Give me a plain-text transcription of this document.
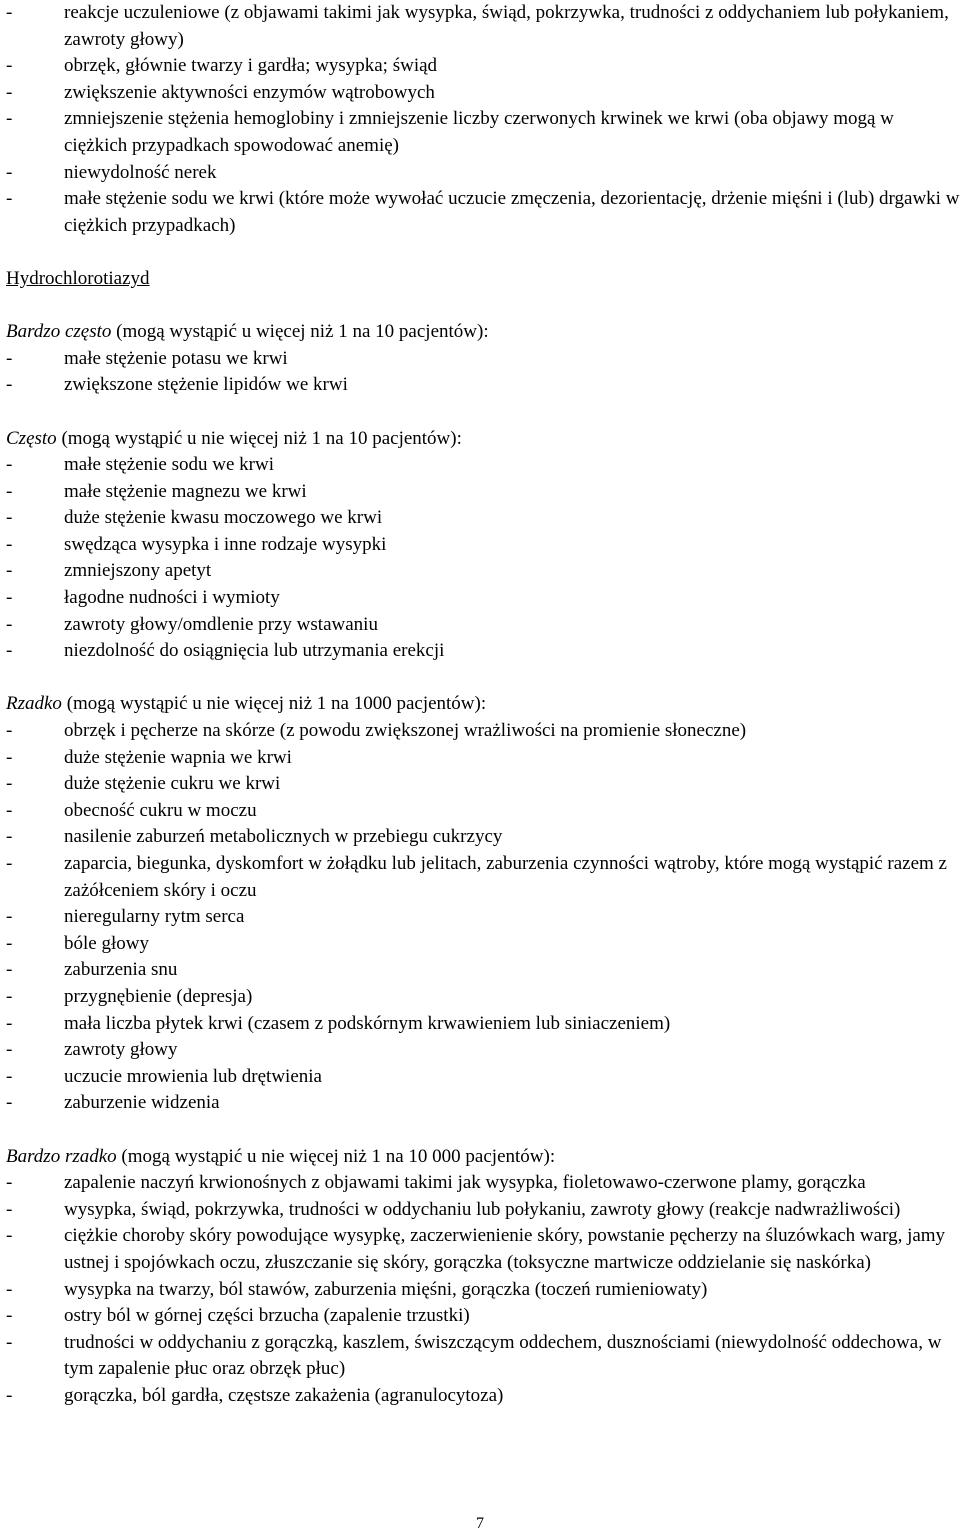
-	reakcje uczuleniowe (z objawami takimi jak wysypka, świąd, pokrzywka, trudności z oddychaniem lub połykaniem, zawroty głowy)
-	obrzęk, głównie twarzy i gardła; wysypka; świąd
-	zwiększenie aktywności enzymów wątrobowych
-	zmniejszenie stężenia hemoglobiny i zmniejszenie liczby czerwonych krwinek we krwi (oba objawy mogą w ciężkich przypadkach spowodować anemię)
-	niewydolność nerek
-	małe stężenie sodu we krwi (które może wywołać uczucie zmęczenia, dezorientację, drżenie mięśni i (lub) drgawki w ciężkich przypadkach)
Hydrochlorotiazyd
Bardzo często (mogą wystąpić u więcej niż 1 na 10 pacjentów):
-	małe stężenie potasu we krwi
-	zwiększone stężenie lipidów we krwi
Często (mogą wystąpić u nie więcej niż 1 na 10 pacjentów):
-	małe stężenie sodu we krwi
-	małe stężenie magnezu we krwi
-	duże stężenie kwasu moczowego we krwi
-	swędząca wysypka i inne rodzaje wysypki
-	zmniejszony apetyt
-	łagodne nudności i wymioty
-	zawroty głowy/omdlenie przy wstawaniu
-	niezdolność do osiągnięcia lub utrzymania erekcji
Rzadko (mogą wystąpić u nie więcej niż 1 na 1000 pacjentów):
-	obrzęk i pęcherze na skórze (z powodu zwiększonej wrażliwości na promienie słoneczne)
-	duże stężenie wapnia we krwi
-	duże stężenie cukru we krwi
-	obecność cukru w moczu
-	nasilenie zaburzeń metabolicznych w przebiegu cukrzycy
-	zaparcia, biegunka, dyskomfort w żołądku lub jelitach, zaburzenia czynności wątroby, które mogą wystąpić razem z zażółceniem skóry i oczu
-	nieregularny rytm serca
-	bóle głowy
-	zaburzenia snu
-	przygnębienie (depresja)
-	mała liczba płytek krwi (czasem z podskórnym krwawieniem lub siniaczeniem)
-	zawroty głowy
-	uczucie mrowienia lub drętwienia
-	zaburzenie widzenia
Bardzo rzadko (mogą wystąpić u nie więcej niż 1 na 10 000 pacjentów):
-	zapalenie naczyń krwionośnych z objawami takimi jak wysypka, fioletowawo-czerwone plamy, gorączka
-	wysypka, świąd, pokrzywka, trudności w oddychaniu lub połykaniu, zawroty głowy (reakcje nadwrażliwości)
-	ciężkie choroby skóry powodujące wysypkę, zaczerwienienie skóry, powstanie pęcherzy na śluzówkach warg, jamy ustnej i spojówkach oczu, złuszczanie się skóry, gorączka (toksyczne martwicze oddzielanie się naskórka)
-	wysypka na twarzy, ból stawów, zaburzenia mięśni, gorączka (toczeń rumieniowaty)
-	ostry ból w górnej części brzucha (zapalenie trzustki)
-	trudności w oddychaniu z gorączką, kaszlem, świszczącym oddechem, dusznościami (niewydolność oddechowa, w tym zapalenie płuc oraz obrzęk płuc)
-	gorączka, ból gardła, częstsze zakażenia (agranulocytoza)
7
